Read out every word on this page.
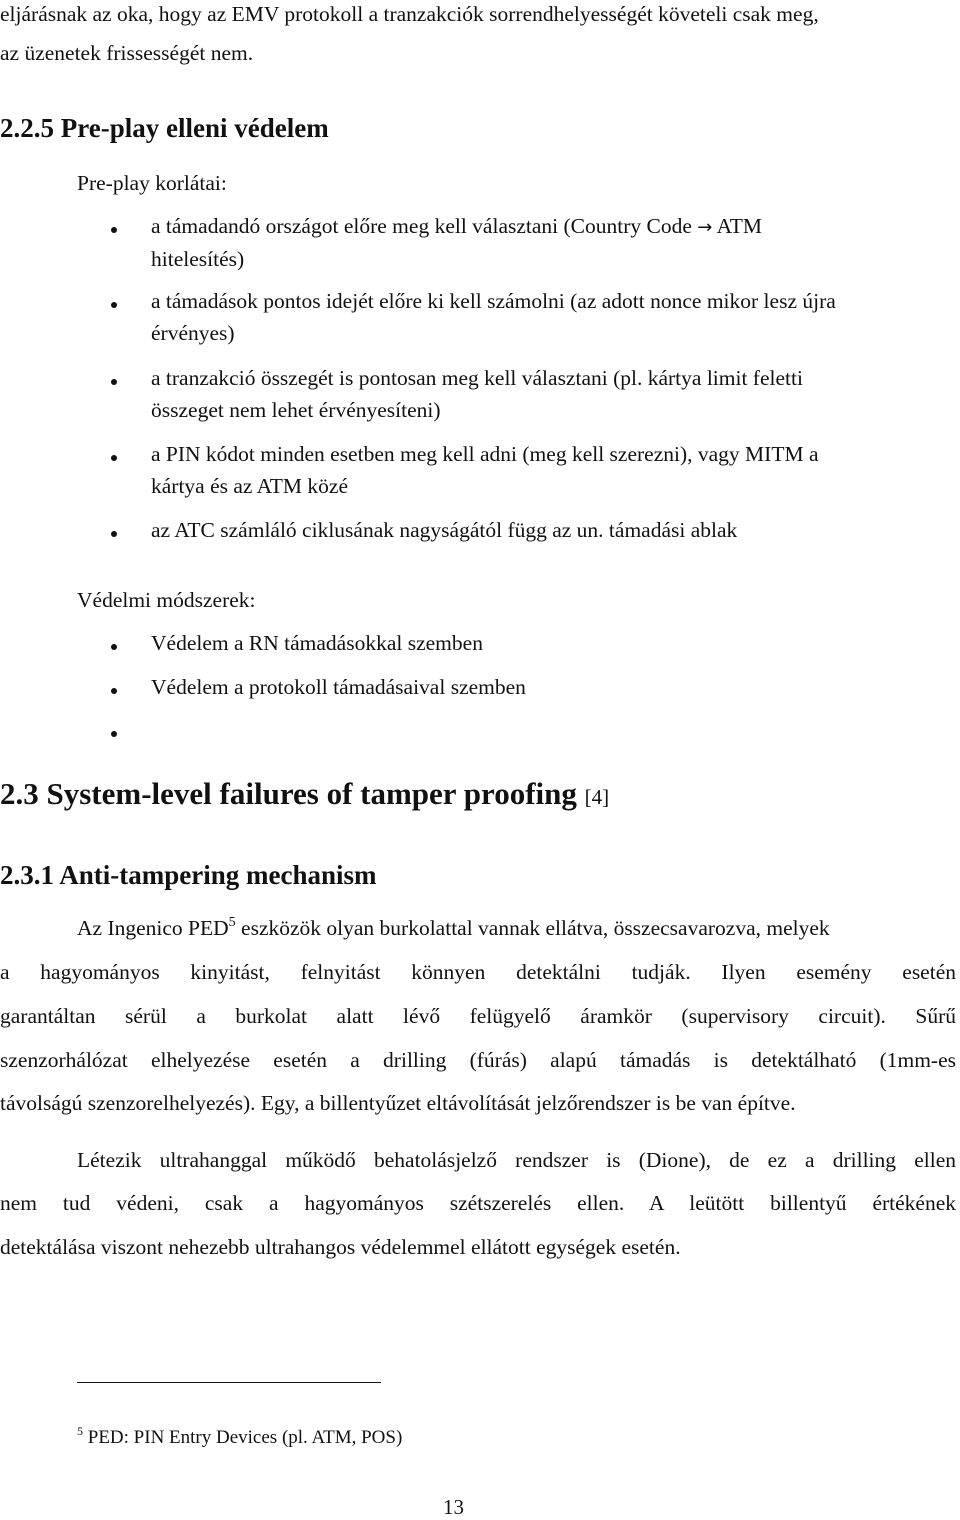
eljárásnak az oka, hogy az EMV protokoll a tranzakciók sorrendhelyességét követeli csak meg,
az üzenetek frissességét nem.
2.2.5 Pre-play elleni védelem
Pre-play korlátai:
a támadandó országot előre meg kell választani (Country Code → ATM
hitelesítés)
a támadások pontos idejét előre ki kell számolni (az adott nonce mikor lesz újra
érvényes)
a tranzakció összegét is pontosan meg kell választani (pl. kártya limit feletti
összeget nem lehet érvényesíteni)
a PIN kódot minden esetben meg kell adni (meg kell szerezni), vagy MITM a
kártya és az ATM közé
az ATC számláló ciklusának nagyságától függ az un. támadási ablak
Védelmi módszerek:
Védelem a RN támadásokkal szemben
Védelem a protokoll támadásaival szemben
2.3 System-level failures of tamper proofing [4]
2.3.1 Anti-tampering mechanism
Az Ingenico PED$^5$ eszközök olyan burkolattal vannak ellátva, összecsavarozva, melyek
a hagyományos kinyitást, felnyitást könnyen detektálni tudják. Ilyen esemény esetén
garantáltan sérül a burkolat alatt lévő felügyelő áramkör (supervisory circuit). Sűrű
szenzorhálózat elhelyezése esetén a drilling (fúrás) alapú támadás is detektálható (1mm-es
távolságú szenzorelhelyezés). Egy, a billentyűzet eltávolítását jelzőrendszer is be van építve.
Létezik ultrahanggal működő behatolásjelző rendszer is (Dione), de ez a drilling ellen
nem tud védeni, csak a hagyományos szétszerelés ellen. A leütött billentyű értékének
detektálása viszont nehezebb ultrahangos védelemmel ellátott egységek esetén.
$^5$ PED: PIN Entry Devices (pl. ATM, POS)
13
